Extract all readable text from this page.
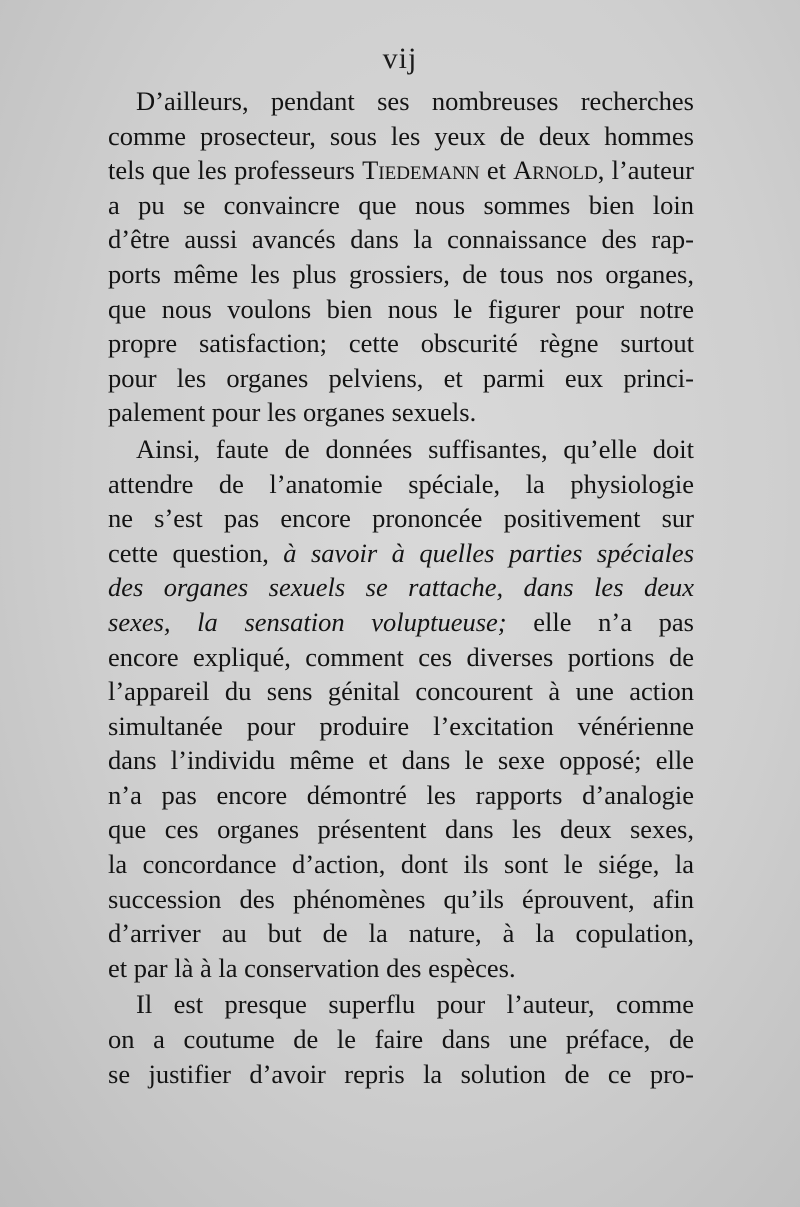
vij
D’ailleurs, pendant ses nombreuses recherches
comme prosecteur, sous les yeux de deux hommes
tels que les professeurs Tiedemann et Arnold, l’auteur
a pu se convaincre que nous sommes bien loin
d’être aussi avancés dans la connaissance des rap-
ports même les plus grossiers, de tous nos organes,
que nous voulons bien nous le figurer pour notre
propre satisfaction; cette obscurité règne surtout
pour les organes pelviens, et parmi eux princi-
palement pour les organes sexuels.
Ainsi, faute de données suffisantes, qu’elle doit
attendre de l’anatomie spéciale, la physiologie
ne s’est pas encore prononcée positivement sur
cette question, à savoir à quelles parties spéciales
des organes sexuels se rattache, dans les deux
sexes, la sensation voluptueuse; elle n’a pas
encore expliqué, comment ces diverses portions de
l’appareil du sens génital concourent à une action
simultanée pour produire l’excitation vénérienne
dans l’individu même et dans le sexe opposé; elle
n’a pas encore démontré les rapports d’analogie
que ces organes présentent dans les deux sexes,
la concordance d’action, dont ils sont le siége, la
succession des phénomènes qu’ils éprouvent, afin
d’arriver au but de la nature, à la copulation,
et par là à la conservation des espèces.
Il est presque superflu pour l’auteur, comme
on a coutume de le faire dans une préface, de
se justifier d’avoir repris la solution de ce pro-
